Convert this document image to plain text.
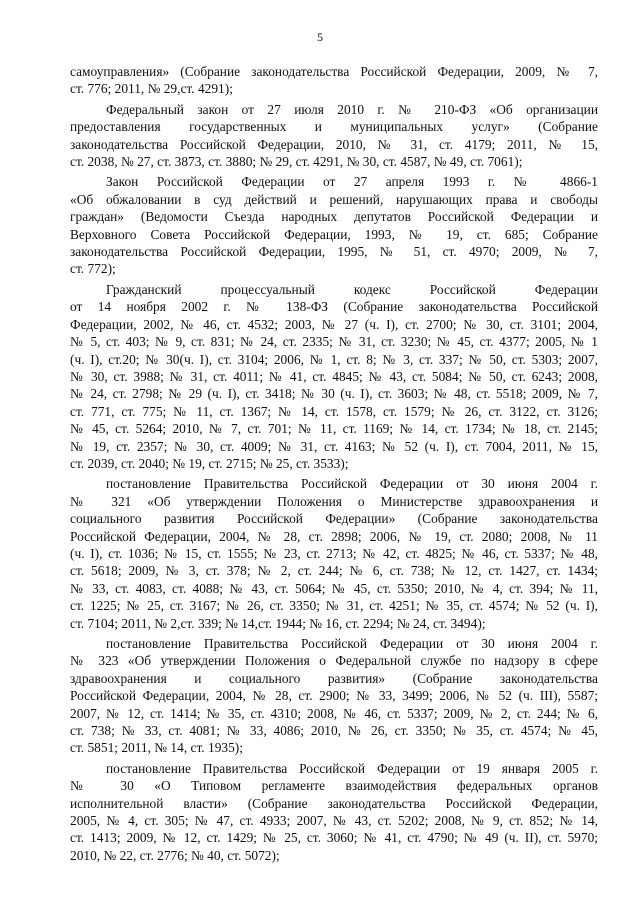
5
самоуправления» (Собрание законодательства Российской Федерации, 2009, № 7,
ст. 776; 2011, № 29,ст. 4291);
Федеральный закон от 27 июля 2010 г. № 210-ФЗ «Об организации
предоставления государственных и муниципальных услуг» (Собрание
законодательства Российской Федерации, 2010, № 31, ст. 4179; 2011, № 15,
ст. 2038, № 27, ст. 3873, ст. 3880; № 29, ст. 4291, № 30, ст. 4587, № 49, ст. 7061);
Закон Российской Федерации от 27 апреля 1993 г. № 4866-1
«Об обжаловании в суд действий и решений, нарушающих права и свободы
граждан» (Ведомости Съезда народных депутатов Российской Федерации и
Верховного Совета Российской Федерации, 1993, № 19, ст. 685; Собрание
законодательства Российской Федерации, 1995, № 51, ст. 4970; 2009, № 7,
ст. 772);
Гражданский процессуальный кодекс Российской Федерации
от 14 ноября 2002 г. № 138-ФЗ (Собрание законодательства Российской
Федерации, 2002, № 46, ст. 4532; 2003, № 27 (ч. I), ст. 2700; № 30, ст. 3101; 2004,
№ 5, ст. 403; № 9, ст. 831; № 24, ст. 2335; № 31, ст. 3230; № 45, ст. 4377; 2005, № 1
(ч. I), ст.20; № 30(ч. I), ст. 3104; 2006, № 1, ст. 8; № 3, ст. 337; № 50, ст. 5303; 2007,
№ 30, ст. 3988; № 31, ст. 4011; № 41, ст. 4845; № 43, ст. 5084; № 50, ст. 6243; 2008,
№ 24, ст. 2798; № 29 (ч. I), ст. 3418; № 30 (ч. I), ст. 3603; № 48, ст. 5518; 2009, № 7,
ст. 771, ст. 775; № 11, ст. 1367; № 14, ст. 1578, ст. 1579; № 26, ст. 3122, ст. 3126;
№ 45, ст. 5264; 2010, № 7, ст. 701; № 11, ст. 1169; № 14, ст. 1734; № 18, ст. 2145;
№ 19, ст. 2357; № 30, ст. 4009; № 31, ст. 4163; № 52 (ч. I), ст. 7004, 2011, № 15,
ст. 2039, ст. 2040; № 19, ст. 2715; № 25, ст. 3533);
постановление Правительства Российской Федерации от 30 июня 2004 г.
№ 321 «Об утверждении Положения о Министерстве здравоохранения и
социального развития Российской Федерации» (Собрание законодательства
Российской Федерации, 2004, № 28, ст. 2898; 2006, № 19, ст. 2080; 2008, № 11
(ч. I), ст. 1036; № 15, ст. 1555; № 23, ст. 2713; № 42, ст. 4825; № 46, ст. 5337; № 48,
ст. 5618; 2009, № 3, ст. 378; № 2, ст. 244; № 6, ст. 738; № 12, ст. 1427, ст. 1434;
№ 33, ст. 4083, ст. 4088; № 43, ст. 5064; № 45, ст. 5350; 2010, № 4, ст. 394; № 11,
ст. 1225; № 25, ст. 3167; № 26, ст. 3350; № 31, ст. 4251; № 35, ст. 4574; № 52 (ч. I),
ст. 7104; 2011, № 2,ст. 339; № 14,ст. 1944; № 16, ст. 2294; № 24, ст. 3494);
постановление Правительства Российской Федерации от 30 июня 2004 г.
№ 323 «Об утверждении Положения о Федеральной службе по надзору в сфере
здравоохранения и социального развития» (Собрание законодательства
Российской Федерации, 2004, № 28, ст. 2900; № 33, 3499; 2006, № 52 (ч. III), 5587;
2007, № 12, ст. 1414; № 35, ст. 4310; 2008, № 46, ст. 5337; 2009, № 2, ст. 244; № 6,
ст. 738; № 33, ст. 4081; № 33, 4086; 2010, № 26, ст. 3350; № 35, ст. 4574; № 45,
ст. 5851; 2011, № 14, ст. 1935);
постановление Правительства Российской Федерации от 19 января 2005 г.
№ 30 «О Типовом регламенте взаимодействия федеральных органов
исполнительной власти» (Собрание законодательства Российской Федерации,
2005, № 4, ст. 305; № 47, ст. 4933; 2007, № 43, ст. 5202; 2008, № 9, ст. 852; № 14,
ст. 1413; 2009, № 12, ст. 1429; № 25, ст. 3060; № 41, ст. 4790; № 49 (ч. II), ст. 5970;
2010, № 22, ст. 2776; № 40, ст. 5072);
